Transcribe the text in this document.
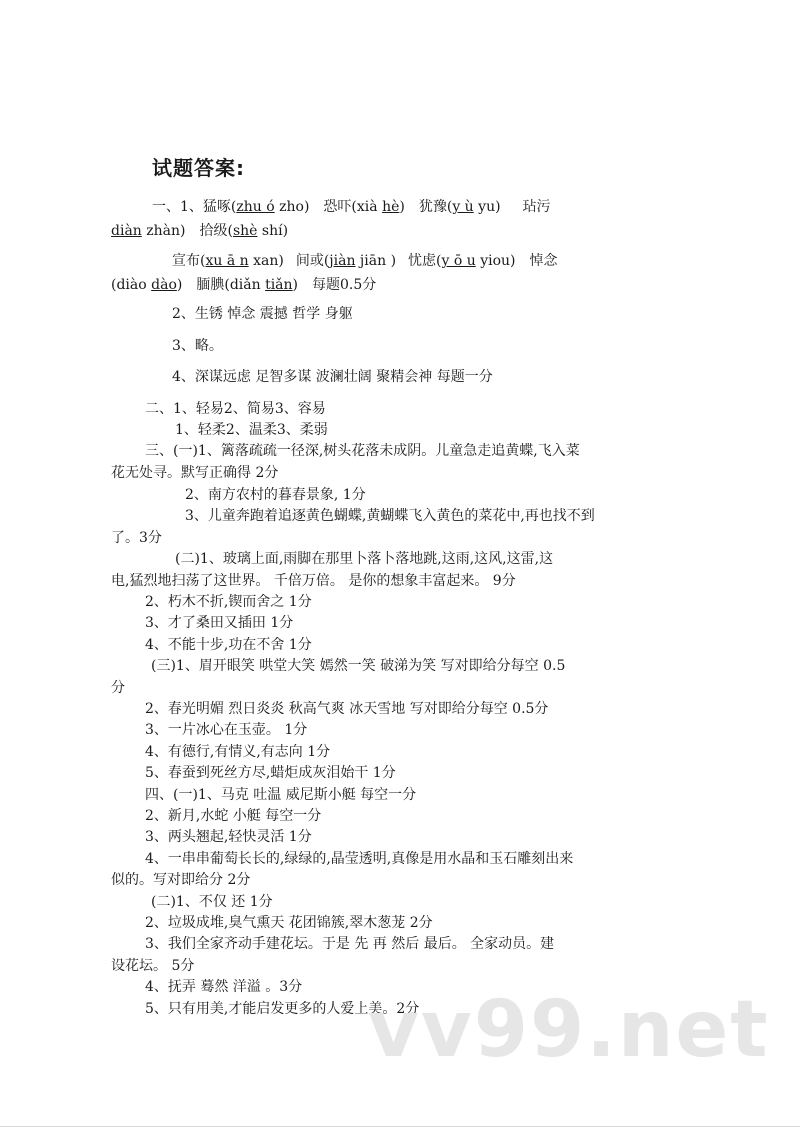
试题答案:
一、1、猛啄(zhu ó zho) 恐吓(xià hè) 犹豫(y ù yu) 玷污
diàn zhàn) 拾级(shè shí)
宣布(xu ā n xan) 间或(jiàn jiān ) 忧虑(y ō u yiou) 悼念
(diào dào) 腼腆(diǎn tiǎn) 每题0.5分
2、生锈 悼念 震撼 哲学 身躯
3、略。
4、深谋远虑 足智多谋 波澜壮阔 聚精会神 每题一分
二、1、轻易2、简易3、容易
1、轻柔2、温柔3、柔弱
三、(一)1、篱落疏疏一径深,树头花落未成阴。儿童急走追黄蝶,飞入菜
花无处寻。默写正确得 2分
2、南方农村的暮春景象, 1分
3、儿童奔跑着追逐黄色蝴蝶,黄蝴蝶飞入黄色的菜花中,再也找不到
了。3分
(二)1、玻璃上面,雨脚在那里卜落卜落地跳,这雨,这风,这雷,这
电,猛烈地扫荡了这世界。 千倍万倍。 是你的想象丰富起来。 9分
2、朽木不折,锲而舍之 1分
3、才了桑田又插田 1分
4、不能十步,功在不舍 1分
(三)1、眉开眼笑 哄堂大笑 嫣然一笑 破涕为笑 写对即给分每空 0.5
分
2、春光明媚 烈日炎炎 秋高气爽 冰天雪地 写对即给分每空 0.5分
3、一片冰心在玉壶。 1分
4、有德行,有情义,有志向 1分
5、春蚕到死丝方尽,蜡炬成灰泪始干 1分
四、(一)1、马克 吐温 威尼斯小艇 每空一分
2、新月,水蛇 小艇 每空一分
3、两头翘起,轻快灵活 1分
4、一串串葡萄长长的,绿绿的,晶莹透明,真像是用水晶和玉石雕刻出来
似的。写对即给分 2分
(二)1、不仅 还 1分
2、垃圾成堆,臭气熏天 花团锦簇,翠木葱茏 2分
3、我们全家齐动手建花坛。于是 先 再 然后 最后。 全家动员。建
设花坛。 5分
4、抚弄 蓦然 洋溢 。3分
5、只有用美,才能启发更多的人爱上美。2分
vv99.net
